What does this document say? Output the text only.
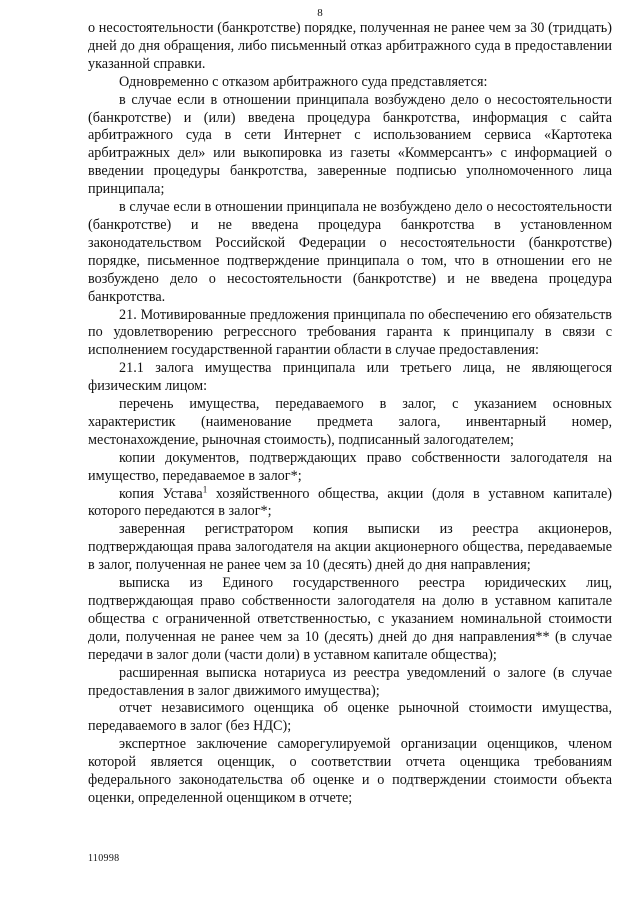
8

о несостоятельности (банкротстве) порядке, полученная не ранее чем за 30 (тридцать) дней до дня обращения, либо письменный отказ арбитражного суда в предоставлении указанной справки.

Одновременно с отказом арбитражного суда представляется:

в случае если в отношении принципала возбуждено дело о несостоятельности (банкротстве) и (или) введена процедура банкротства, информация с сайта арбитражного суда в сети Интернет с использованием сервиса «Картотека арбитражных дел» или выкопировка из газеты «Коммерсантъ» с информацией о введении процедуры банкротства, заверенные подписью уполномоченного лица принципала;

в случае если в отношении принципала не возбуждено дело о несостоятельности (банкротстве) и не введена процедура банкротства в установленном законодательством Российской Федерации о несостоятельности (банкротстве) порядке, письменное подтверждение принципала о том, что в отношении его не возбуждено дело о несостоятельности (банкротстве) и не введена процедура банкротства.

21. Мотивированные предложения принципала по обеспечению его обязательств по удовлетворению регрессного требования гаранта к принципалу в связи с исполнением государственной гарантии области в случае предоставления:

21.1 залога имущества принципала или третьего лица, не являющегося физическим лицом:

перечень имущества, передаваемого в залог, с указанием основных характеристик (наименование предмета залога, инвентарный номер, местонахождение, рыночная стоимость), подписанный залогодателем;

копии документов, подтверждающих право собственности залогодателя на имущество, передаваемое в залог*;

копия Устава$^1$ хозяйственного общества, акции (доля в уставном капитале) которого передаются в залог*;

заверенная регистратором копия выписки из реестра акционеров, подтверждающая права залогодателя на акции акционерного общества, передаваемые в залог, полученная не ранее чем за 10 (десять) дней до дня направления;

выписка из Единого государственного реестра юридических лиц, подтверждающая право собственности залогодателя на долю в уставном капитале общества с ограниченной ответственностью, с указанием номинальной стоимости доли, полученная не ранее чем за 10 (десять) дней до дня направления** (в случае передачи в залог доли (части доли) в уставном капитале общества);

расширенная выписка нотариуса из реестра уведомлений о залоге (в случае предоставления в залог движимого имущества);

отчет независимого оценщика об оценке рыночной стоимости имущества, передаваемого в залог (без НДС);

экспертное заключение саморегулируемой организации оценщиков, членом которой является оценщик, о соответствии отчета оценщика требованиям федерального законодательства об оценке и о подтверждении стоимости объекта оценки, определенной оценщиком в отчете;

110998
